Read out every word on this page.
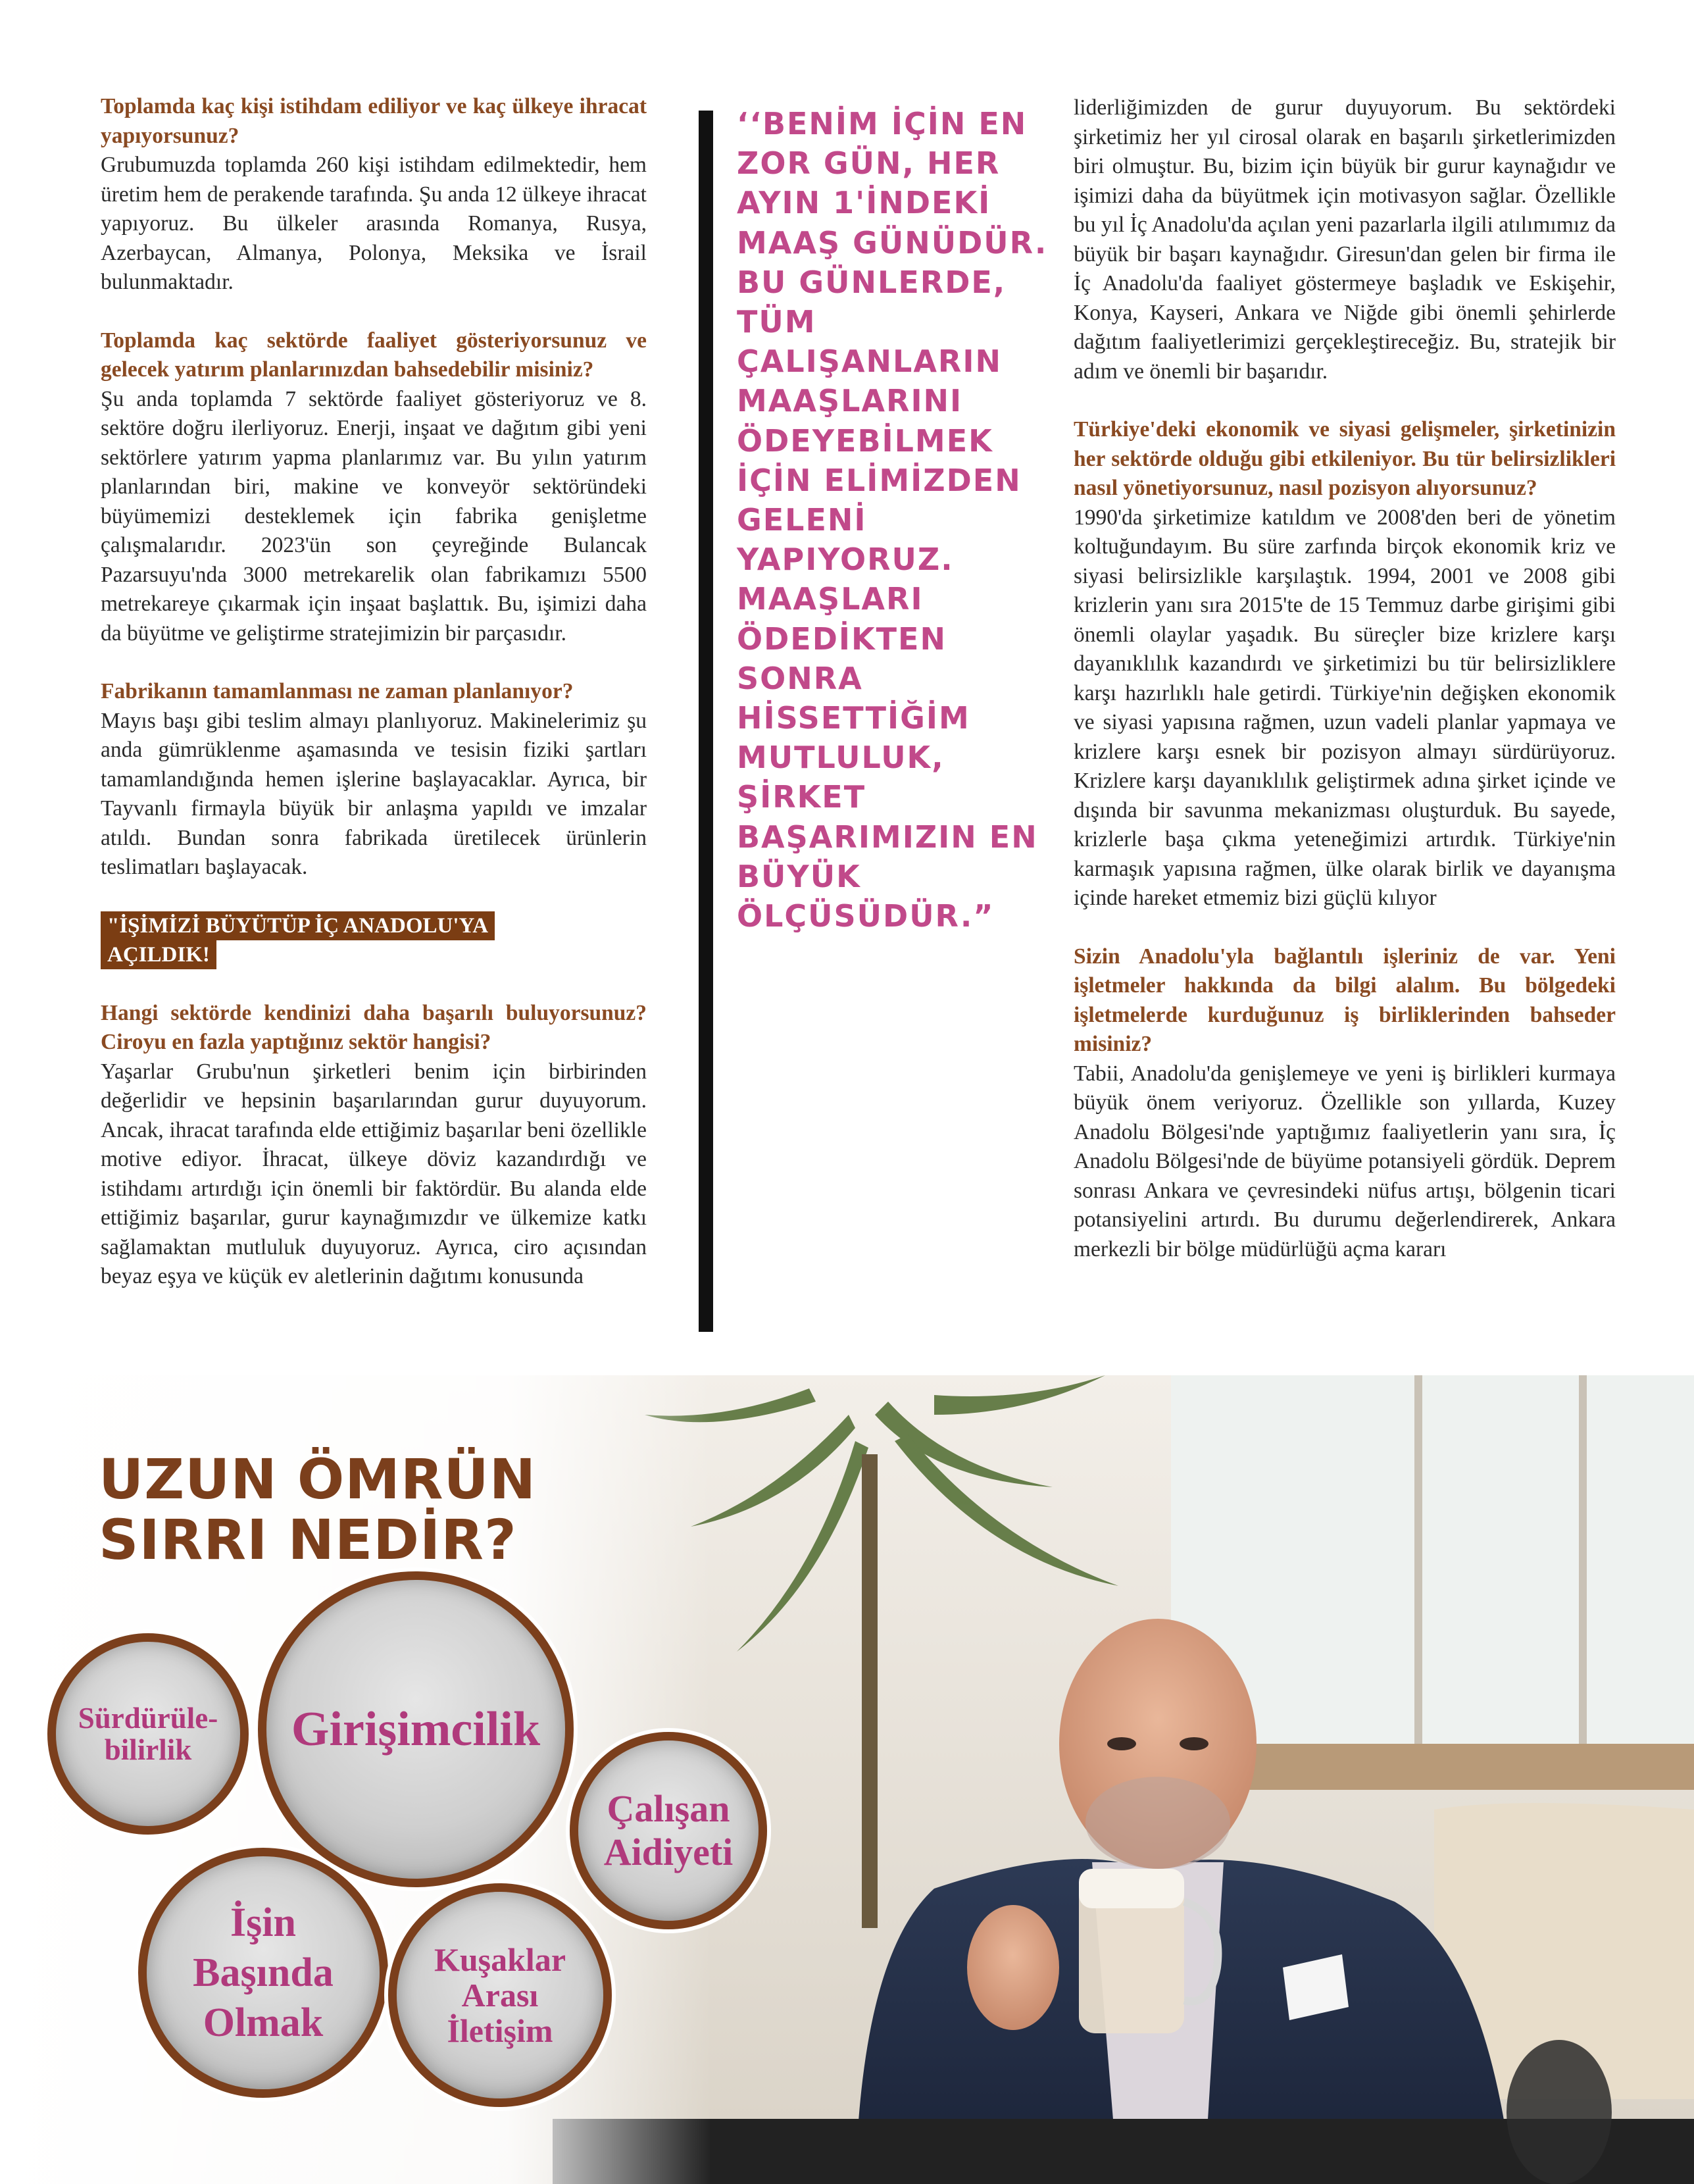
Toplamda kaç kişi istihdam ediliyor ve kaç ülkeye ihracat yapıyorsunuz?

Grubumuzda toplamda 260 kişi istihdam edilmektedir, hem üretim hem de perakende tarafında. Şu anda 12 ülkeye ihracat yapıyoruz. Bu ülkeler arasında Romanya, Rusya, Azerbaycan, Almanya, Polonya, Meksika ve İsrail bulunmaktadır.

Toplamda kaç sektörde faaliyet gösteriyorsunuz ve gelecek yatırım planlarınızdan bahsedebilir misiniz?

Şu anda toplamda 7 sektörde faaliyet gösteriyoruz ve 8. sektöre doğru ilerliyoruz. Enerji, inşaat ve dağıtım gibi yeni sektörlere yatırım yapma planlarımız var. Bu yılın yatırım planlarından biri, makine ve konveyör sektöründeki büyümemizi desteklemek için fabrika genişletme çalışmalarıdır. 2023'ün son çeyreğinde Bulancak Pazarsuyu'nda 3000 metrekarelik olan fabrikamızı 5500 metrekareye çıkarmak için inşaat başlattık. Bu, işimizi daha da büyütme ve geliştirme stratejimizin bir parçasıdır.

Fabrikanın tamamlanması ne zaman planlanıyor?

Mayıs başı gibi teslim almayı planlıyoruz. Makinelerimiz şu anda gümrüklenme aşamasında ve tesisin fiziki şartları tamamlandığında hemen işlerine başlayacaklar. Ayrıca, bir Tayvanlı firmayla büyük bir anlaşma yapıldı ve imzalar atıldı. Bundan sonra fabrikada üretilecek ürünlerin teslimatları başlayacak.

"İŞİMİZİ BÜYÜTÜP İÇ ANADOLU'YA
AÇILDIK!

Hangi sektörde kendinizi daha başarılı buluyorsunuz? Ciroyu en fazla yaptığınız sektör hangisi?

Yaşarlar Grubu'nun şirketleri benim için birbirinden değerlidir ve hepsinin başarılarından gurur duyuyorum. Ancak, ihracat tarafında elde ettiğimiz başarılar beni özellikle motive ediyor. İhracat, ülkeye döviz kazandırdığı ve istihdamı artırdığı için önemli bir faktördür. Bu alanda elde ettiğimiz başarılar, gurur kaynağımızdır ve ülkemize katkı sağlamaktan mutluluk duyuyoruz. Ayrıca, ciro açısından beyaz eşya ve küçük ev aletlerinin dağıtımı konusunda

‘‘BENİM İÇİN EN ZOR GÜN, HER AYIN 1'İNDEKİ MAAŞ GÜNÜDÜR. BU GÜNLERDE, TÜM ÇALIŞANLARIN MAAŞLARINI ÖDEYEBİLMEK İÇİN ELİMİZDEN GELENİ YAPIYORUZ. MAAŞLARI ÖDEDİKTEN SONRA HİSSETTİĞİM MUTLULUK, ŞİRKET BAŞARIMIZIN EN BÜYÜK ÖLÇÜSÜDÜR.”

liderliğimizden de gurur duyuyorum. Bu sektördeki şirketimiz her yıl cirosal olarak en başarılı şirketlerimizden biri olmuştur. Bu, bizim için büyük bir gurur kaynağıdır ve işimizi daha da büyütmek için motivasyon sağlar. Özellikle bu yıl İç Anadolu'da açılan yeni pazarlarla ilgili atılımımız da büyük bir başarı kaynağıdır. Giresun'dan gelen bir firma ile İç Anadolu'da faaliyet göstermeye başladık ve Eskişehir, Konya, Kayseri, Ankara ve Niğde gibi önemli şehirlerde dağıtım faaliyetlerimizi gerçekleştireceğiz. Bu, stratejik bir adım ve önemli bir başarıdır.

Türkiye'deki ekonomik ve siyasi gelişmeler, şirketinizin her sektörde olduğu gibi etkileniyor. Bu tür belirsizlikleri nasıl yönetiyorsunuz, nasıl pozisyon alıyorsunuz?

1990'da şirketimize katıldım ve 2008'den beri de yönetim koltuğundayım. Bu süre zarfında birçok ekonomik kriz ve siyasi belirsizlikle karşılaştık. 1994, 2001 ve 2008 gibi krizlerin yanı sıra 2015'te de 15 Temmuz darbe girişimi gibi önemli olaylar yaşadık. Bu süreçler bize krizlere karşı dayanıklılık kazandırdı ve şirketimizi bu tür belirsizliklere karşı hazırlıklı hale getirdi. Türkiye'nin değişken ekonomik ve siyasi yapısına rağmen, uzun vadeli planlar yapmaya ve krizlere karşı esnek bir pozisyon almayı sürdürüyoruz. Krizlere karşı dayanıklılık geliştirmek adına şirket içinde ve dışında bir savunma mekanizması oluşturduk. Bu sayede, krizlerle başa çıkma yeteneğimizi artırdık. Türkiye'nin karmaşık yapısına rağmen, ülke olarak birlik ve dayanışma içinde hareket etmemiz bizi güçlü kılıyor

Sizin Anadolu'yla bağlantılı işleriniz de var. Yeni işletmeler hakkında da bilgi alalım. Bu bölgedeki işletmelerde kurduğunuz iş birliklerinden bahseder misiniz?

Tabii, Anadolu'da genişlemeye ve yeni iş birlikleri kurmaya büyük önem veriyoruz. Özellikle son yıllarda, Kuzey Anadolu Bölgesi'nde yaptığımız faaliyetlerin yanı sıra, İç Anadolu Bölgesi'nde de büyüme potansiyeli gördük. Deprem sonrası Ankara ve çevresindeki nüfus artışı, bölgenin ticari potansiyelini artırdı. Bu durumu değerlendirerek, Ankara merkezli bir bölge müdürlüğü açma kararı

UZUN ÖMRÜN
SIRRI NEDİR?
Sürdürüle-
bilirlik	Girişimcilik
Çalışan
Aidiyeti
İşin
Başında
Olmak
Kuşaklar
Arası
İletişim
